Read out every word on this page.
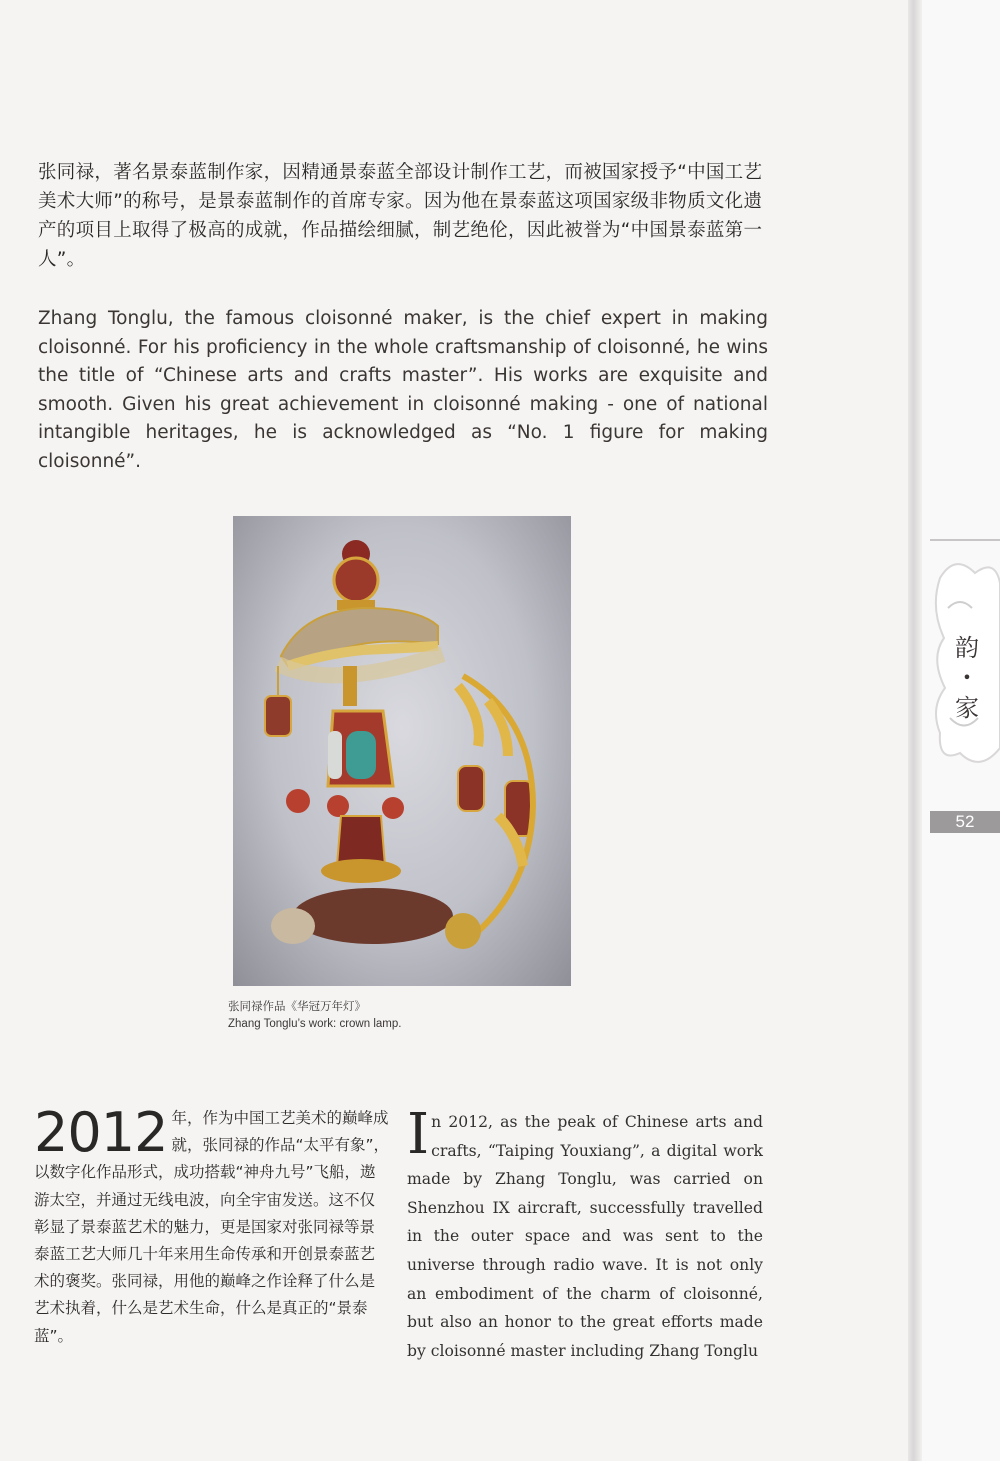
张同禄，著名景泰蓝制作家，因精通景泰蓝全部设计制作工艺，而被国家授予“中国工艺美术大师”的称号，是景泰蓝制作的首席专家。因为他在景泰蓝这项国家级非物质文化遗产的项目上取得了极高的成就，作品描绘细腻，制艺绝伦，因此被誉为“中国景泰蓝第一人”。

Zhang Tonglu, the famous cloisonné maker, is the chief expert in making cloisonné. For his proficiency in the whole craftsmanship of cloisonné, he wins the title of “Chinese arts and crafts master”. His works are exquisite and smooth. Given his great achievement in cloisonné making - one of national intangible heritages, he is acknowledged as “No. 1 figure for making cloisonné”.

张同禄作品《华冠万年灯》
Zhang Tonglu’s work: crown lamp.
2012 年，作为中国工艺美术的巅峰成就，张同禄的作品“太平有象”，以数字化作品形式，成功搭载“神舟九号”飞船，遨游太空，并通过无线电波，向全宇宙发送。这不仅彰显了景泰蓝艺术的魅力，更是国家对张同禄等景泰蓝工艺大师几十年来用生命传承和开创景泰蓝艺术的褒奖。张同禄，用他的巅峰之作诠释了什么是艺术执着，什么是艺术生命，什么是真正的“景泰蓝”。
I n 2012, as the peak of Chinese arts and crafts, “Taiping Youxiang”, a digital work made by Zhang Tonglu, was carried on Shenzhou IX aircraft, successfully travelled in the outer space and was sent to the universe through radio wave. It is not only an embodiment of the charm of cloisonné, but also an honor to the great efforts made by cloisonné master including Zhang Tonglu
韵
•
家
52
